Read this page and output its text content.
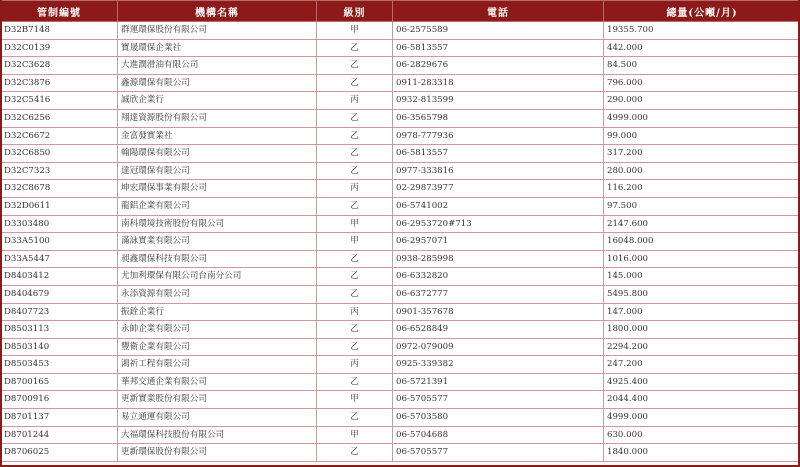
管制編號	機構名稱	級別	電話	總量(公噸/月)
D32B7148	群運環保股份有限公司	甲	06-2575589	19355.700
D32C0139	寶晟環保企業社	乙	06-5813557	442.000
D32C3628	大進潤滑油有限公司	乙	06-2829676	84.500
D32C3876	鑫源環保有限公司	乙	0911-283318	796.000
D32C5416	誠欣企業行	丙	0932-813599	290.000
D32C6256	翔達資源股份有限公司	乙	06-3565798	4999.000
D32C6672	金富發實業社	乙	0978-777936	99.000
D32C6850	翰陽環保有限公司	乙	06-5813557	317.200
D32C7323	達冠環保有限公司	乙	0977-333816	280.000
D32C8678	坤宏環保事業有限公司	丙	02-29873977	116.200
D32D0611	龍鋁企業有限公司	乙	06-5741002	97.500
D3303480	南科環境技術股份有限公司	甲	06-2953720#713	2147.600
D33A5100	滿詠實業有限公司	甲	06-2957071	16048.000
D33A5447	昶鑫環保科技有限公司	乙	0938-285998	1016.000
D8403412	尤加利環保有限公司台南分公司	乙	06-6332820	145.000
D8404679	永添資源有限公司	乙	06-6372777	5495.800
D8407723	振銓企業行	丙	0901-357678	147.000
D8503113	永帥企業有限公司	乙	06-6528849	1800.000
D8503140	豐衛企業有限公司	乙	0972-079009	2294.200
D8503453	鴻祈工程有限公司	丙	0925-339382	247.200
D8700165	華邦交通企業有限公司	乙	06-5721391	4925.400
D8700916	更新實業股份有限公司	甲	06-5705577	2044.400
D8701137	易立通運有限公司	乙	06-5703580	4999.000
D8701244	大福環保科技股份有限公司	甲	06-5704688	630.000
D8706025	更新環保股份有限公司	乙	06-5705577	1840.000
